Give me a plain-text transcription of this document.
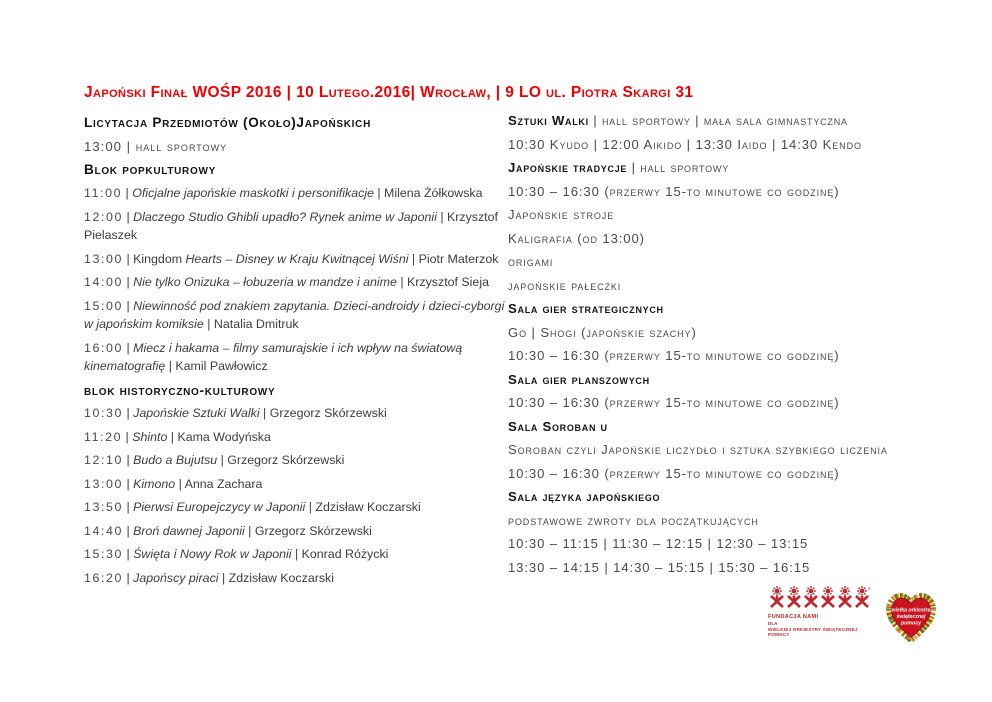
Japoński Finał WOŚP 2016 | 10 Lutego.2016| Wrocław, | 9 LO ul. Piotra Skargi 31
Licytacja Przedmiotów (Około)Japońskich
13:00 | hall sportowy
Blok popkulturowy
11:00 | Oficjalne japońskie maskotki i personifikacje | Milena Żółkowska
12:00 | Dlaczego Studio Ghibli upadło? Rynek anime w Japonii | Krzysztof Pielaszek
13:00 | Kingdom Hearts – Disney w Kraju Kwitnącej Wiśni | Piotr Materzok
14:00 | Nie tylko Onizuka – łobuzeria w mandze i anime | Krzysztof Sieja
15:00 | Niewinność pod znakiem zapytania. Dzieci-androidy i dzieci-cyborgi w japońskim komiksie | Natalia Dmitruk
16:00 | Miecz i hakama – filmy samurajskie i ich wpływ na światową kinematografię | Kamil Pawłowicz
blok historyczno-kulturowy
10:30 | Japońskie Sztuki Walki | Grzegorz Skórzewski
11:20 | Shinto | Kama Wodyńska
12:10 | Budo a Bujutsu | Grzegorz Skórzewski
13:00 | Kimono | Anna Zachara
13:50 | Pierwsi Europejczycy w Japonii | Zdzisław Koczarski
14:40 | Broń dawnej Japonii | Grzegorz Skórzewski
15:30 | Święta i Nowy Rok w Japonii | Konrad Różycki
16:20 | Japońscy piraci | Zdzisław Koczarski
Sztuki Walki | hall sportowy | mała sala gimnastyczna
10:30 Kyudo | 12:00 Aikido | 13:30 Iaido | 14:30 Kendo
Japońskie tradycje | hall sportowy
10:30 – 16:30 (przerwy 15-to minutowe co godzinę)
Japońskie stroje
Kaligrafia (od 13:00)
origami
japońskie pałeczki
Sala gier strategicznych
Go | Shogi (japońskie szachy)
10:30 – 16:30 (przerwy 15-to minutowe co godzinę)
Sala gier planszowych
10:30 – 16:30 (przerwy 15-to minutowe co godzinę)
Sala Soroban u
Soroban czyli Japońskie liczydło i sztuka szybkiego liczenia
10:30 – 16:30 (przerwy 15-to minutowe co godzinę)
Sala języka japońskiego
podstawowe zwroty dla początkujących
10:30 – 11:15 | 11:30 – 12:15 | 12:30 – 13:15
13:30 – 14:15 | 14:30 – 15:15 | 15:30 – 16:15
®
FUNDACJA NAMI
DLA
WIELKIEJ ORKIESTRY ŚWIĄTECZNEJ POMOCY
wielka orkiestra
świątecznej
pomocy
